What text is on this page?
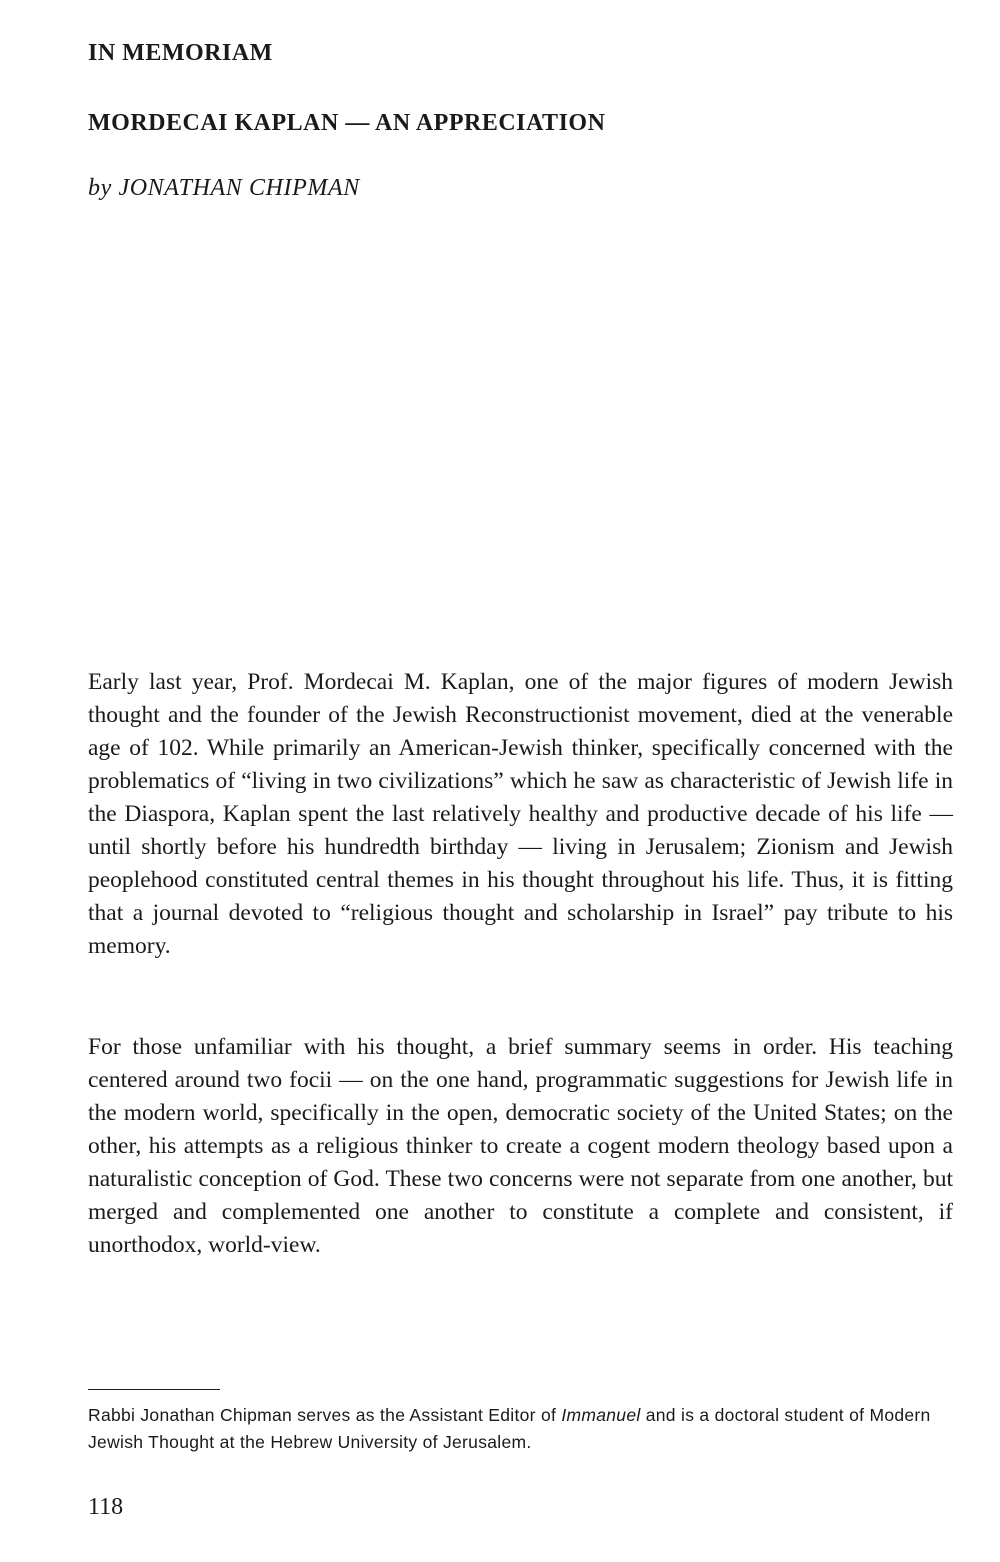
IN MEMORIAM
MORDECAI KAPLAN — AN APPRECIATION

by JONATHAN CHIPMAN

Early last year, Prof. Mordecai M. Kaplan, one of the major figures of modern Jewish thought and the founder of the Jewish Reconstructionist movement, died at the venerable age of 102. While primarily an American-Jewish thinker, specifically concerned with the problematics of “living in two civilizations” which he saw as characteristic of Jewish life in the Diaspora, Kaplan spent the last relatively healthy and productive decade of his life — until shortly before his hundredth birthday — living in Jerusalem; Zionism and Jewish peoplehood constituted central themes in his thought throughout his life. Thus, it is fitting that a journal devoted to “religious thought and scholarship in Israel” pay tribute to his memory.

For those unfamiliar with his thought, a brief summary seems in order. His teaching centered around two focii — on the one hand, programmatic suggestions for Jewish life in the modern world, specifically in the open, democratic society of the United States; on the other, his attempts as a religious thinker to create a cogent modern theology based upon a naturalistic conception of God. These two concerns were not separate from one another, but merged and complemented one another to constitute a complete and consistent, if unorthodox, world-view.

Rabbi Jonathan Chipman serves as the Assistant Editor of Immanuel and is a doctoral student of Modern Jewish Thought at the Hebrew University of Jerusalem.

118
